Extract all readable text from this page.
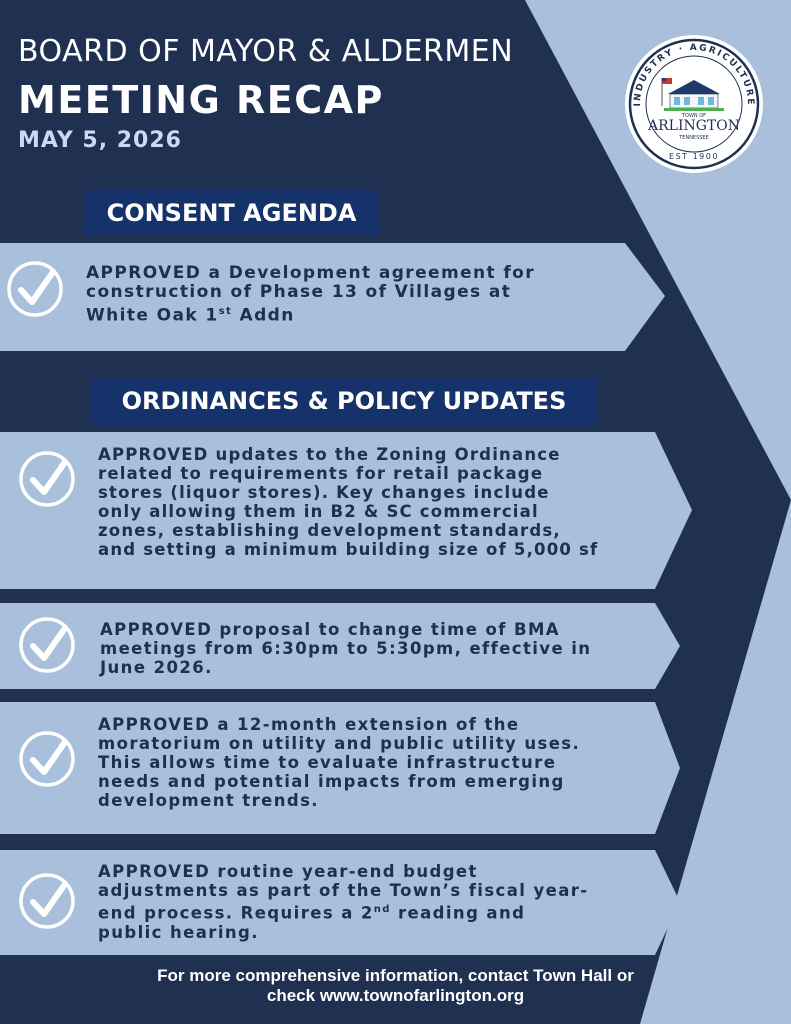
BOARD OF MAYOR & ALDERMEN
MEETING RECAP
MAY 5, 2026
INDUSTRY · AGRICULTURE
TOWN OF
ARLINGTON
TENNESSEE
EST 1900
CONSENT AGENDA
ORDINANCES & POLICY UPDATES
APPROVED a Development agreement for
construction of Phase 13 of Villages at
White Oak 1st Addn
APPROVED updates to the Zoning Ordinance
related to requirements for retail package
stores (liquor stores). Key changes include
only allowing them in B2 & SC commercial
zones, establishing development standards,
and setting a minimum building size of 5,000 sf
APPROVED proposal to change time of BMA
meetings from 6:30pm to 5:30pm, effective in
June 2026.
APPROVED a 12-month extension of the
moratorium on utility and public utility uses.
This allows time to evaluate infrastructure
needs and potential impacts from emerging
development trends.
APPROVED routine year-end budget
adjustments as part of the Town’s fiscal year-
end process. Requires a 2nd reading and
public hearing.
For more comprehensive information, contact Town Hall or
check www.townofarlington.org
